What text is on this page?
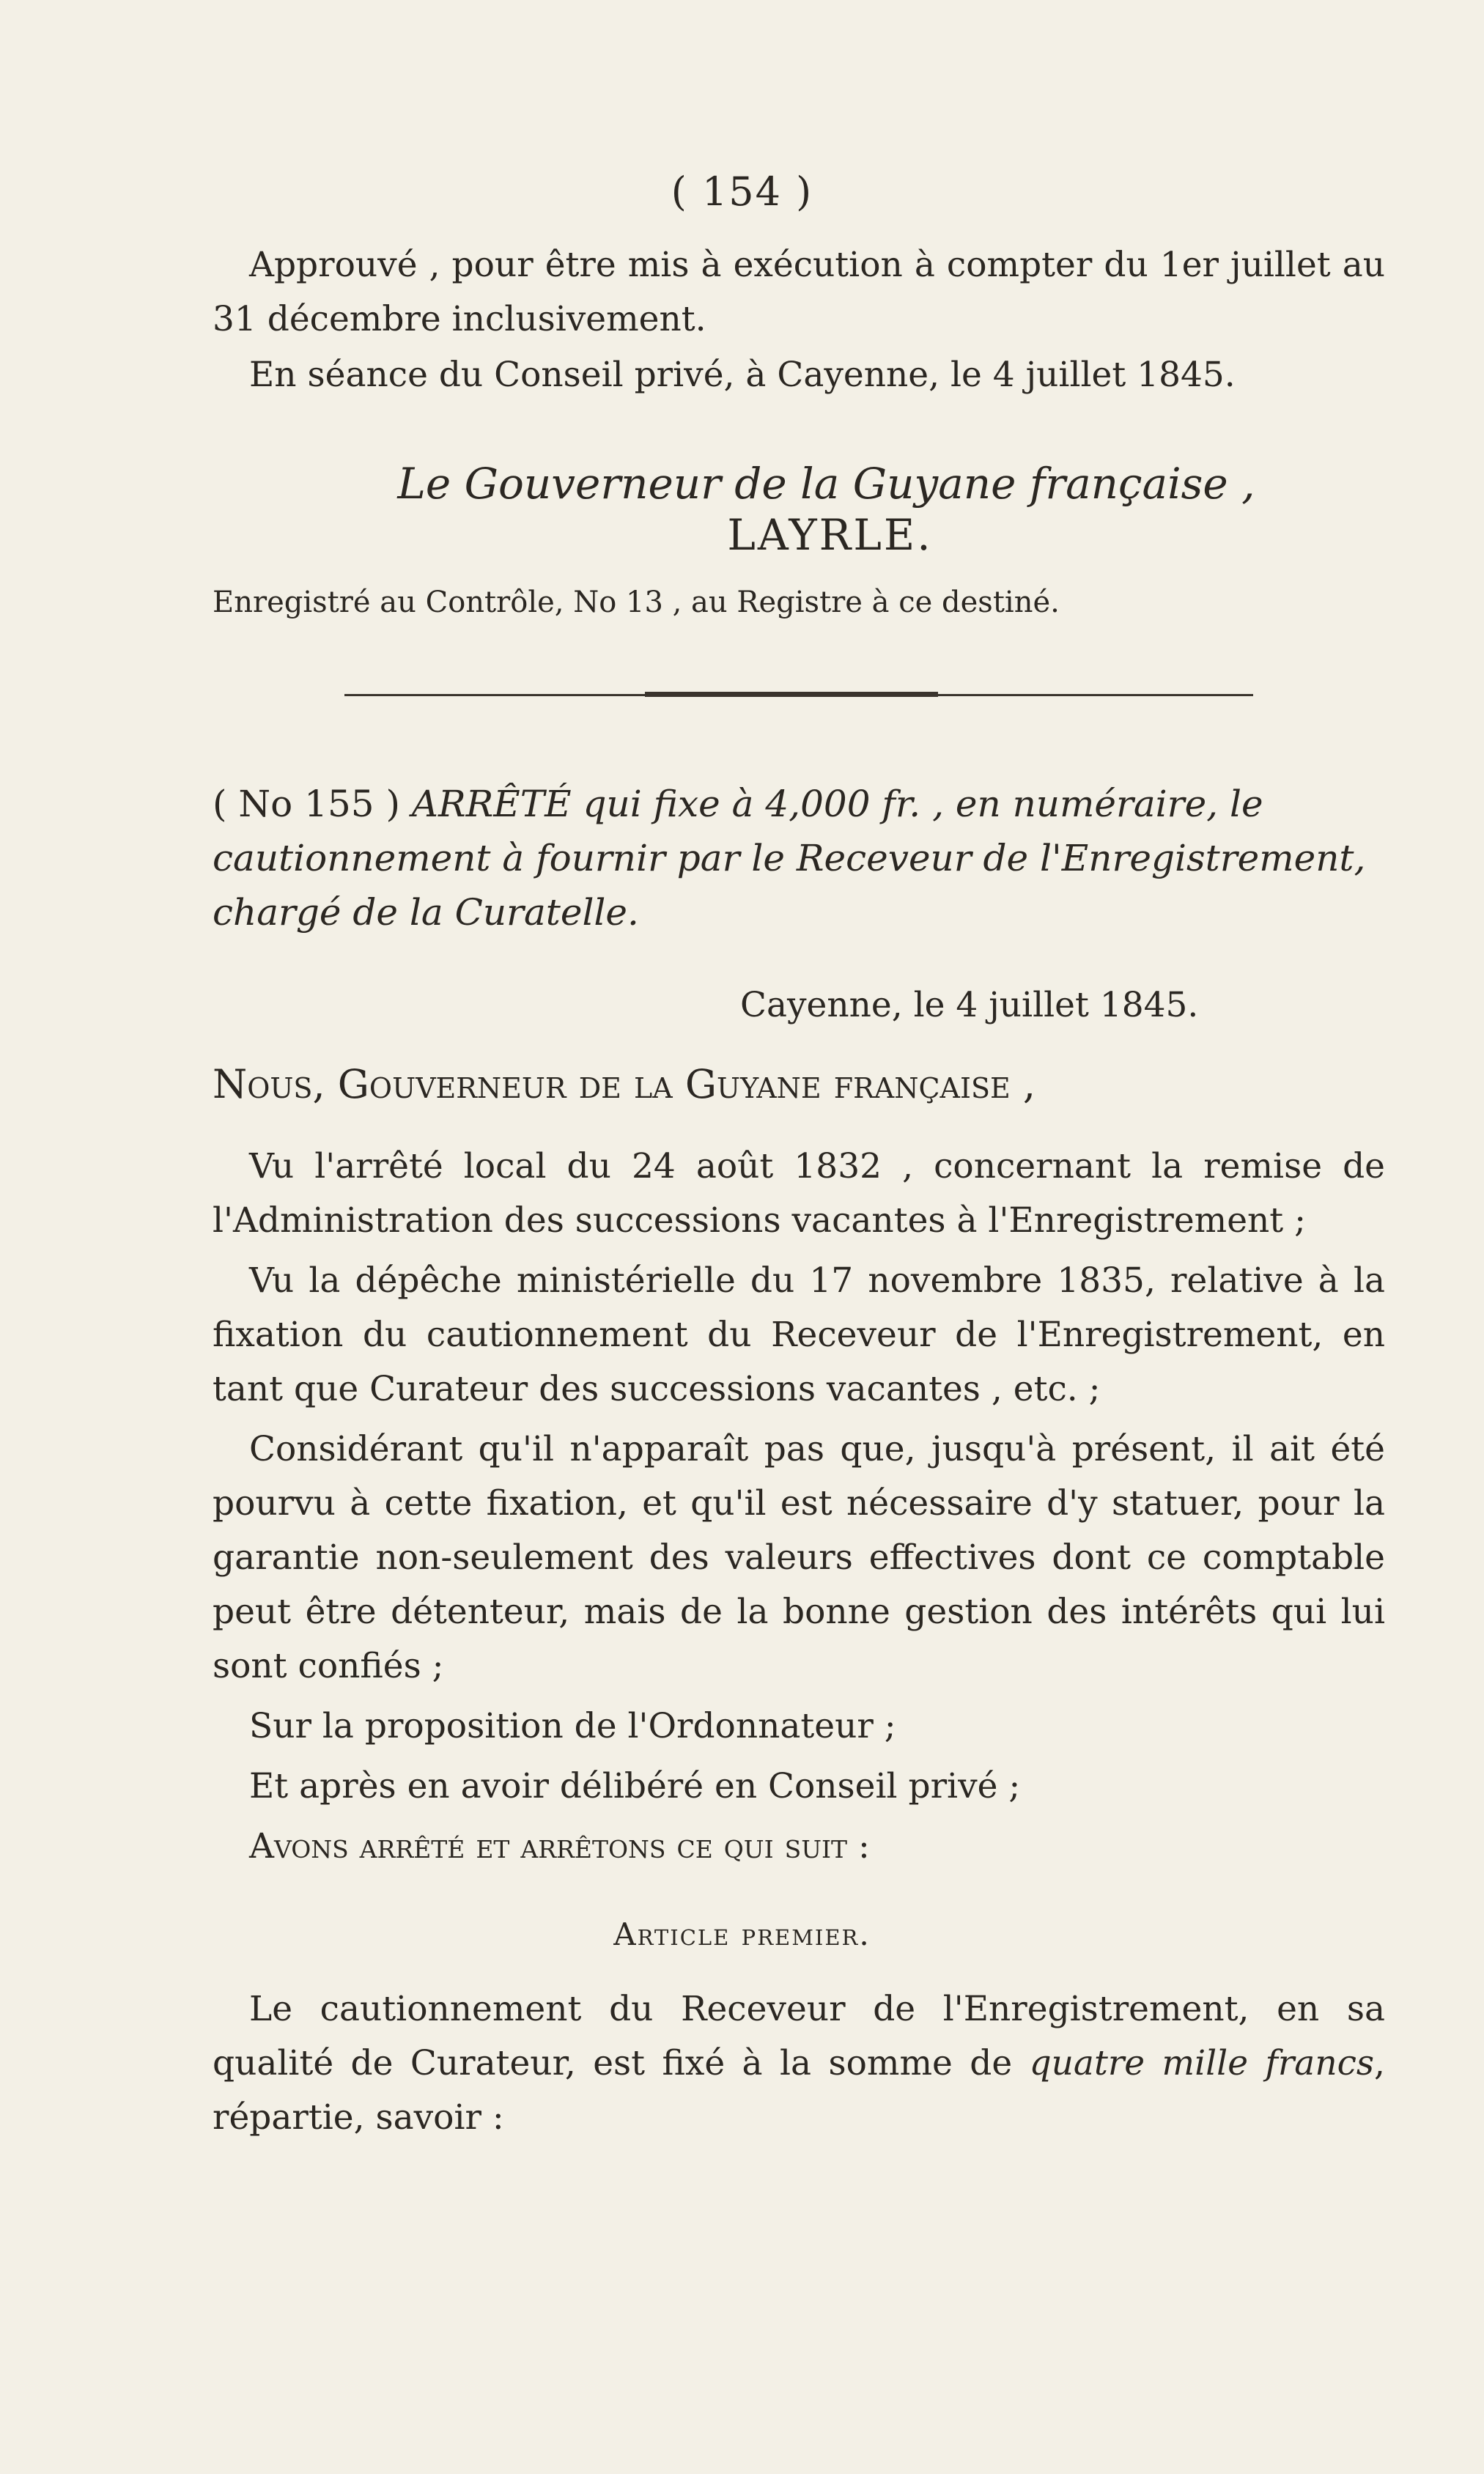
( 154 )

Approuvé , pour être mis à exécution à compter du 1er juillet au 31 décembre inclusivement.

En séance du Conseil privé, à Cayenne, le 4 juillet 1845.

Le Gouverneur de la Guyane française ,
LAYRLE.

Enregistré au Contrôle, No 13 , au Registre à ce destiné.

( No 155 ) ARRÊTÉ qui fixe à 4,000 fr. , en numéraire, le cautionnement à fournir par le Receveur de l'Enregistrement, chargé de la Curatelle.

Cayenne, le 4 juillet 1845.

Nous, Gouverneur de la Guyane française ,

Vu l'arrêté local du 24 août 1832 , concernant la remise de l'Administration des successions vacantes à l'Enregistrement ;

Vu la dépêche ministérielle du 17 novembre 1835, relative à la fixation du cautionnement du Receveur de l'Enregistrement, en tant que Curateur des successions vacantes , etc. ;

Considérant qu'il n'apparaît pas que, jusqu'à présent, il ait été pourvu à cette fixation, et qu'il est nécessaire d'y statuer, pour la garantie non-seulement des valeurs effectives dont ce comptable peut être détenteur, mais de la bonne gestion des intérêts qui lui sont confiés ;

Sur la proposition de l'Ordonnateur ;

Et après en avoir délibéré en Conseil privé ;

Avons arrêté et arrêtons ce qui suit :

Article premier.

Le cautionnement du Receveur de l'Enregistrement, en sa qualité de Curateur, est fixé à la somme de quatre mille francs, répartie, savoir :
